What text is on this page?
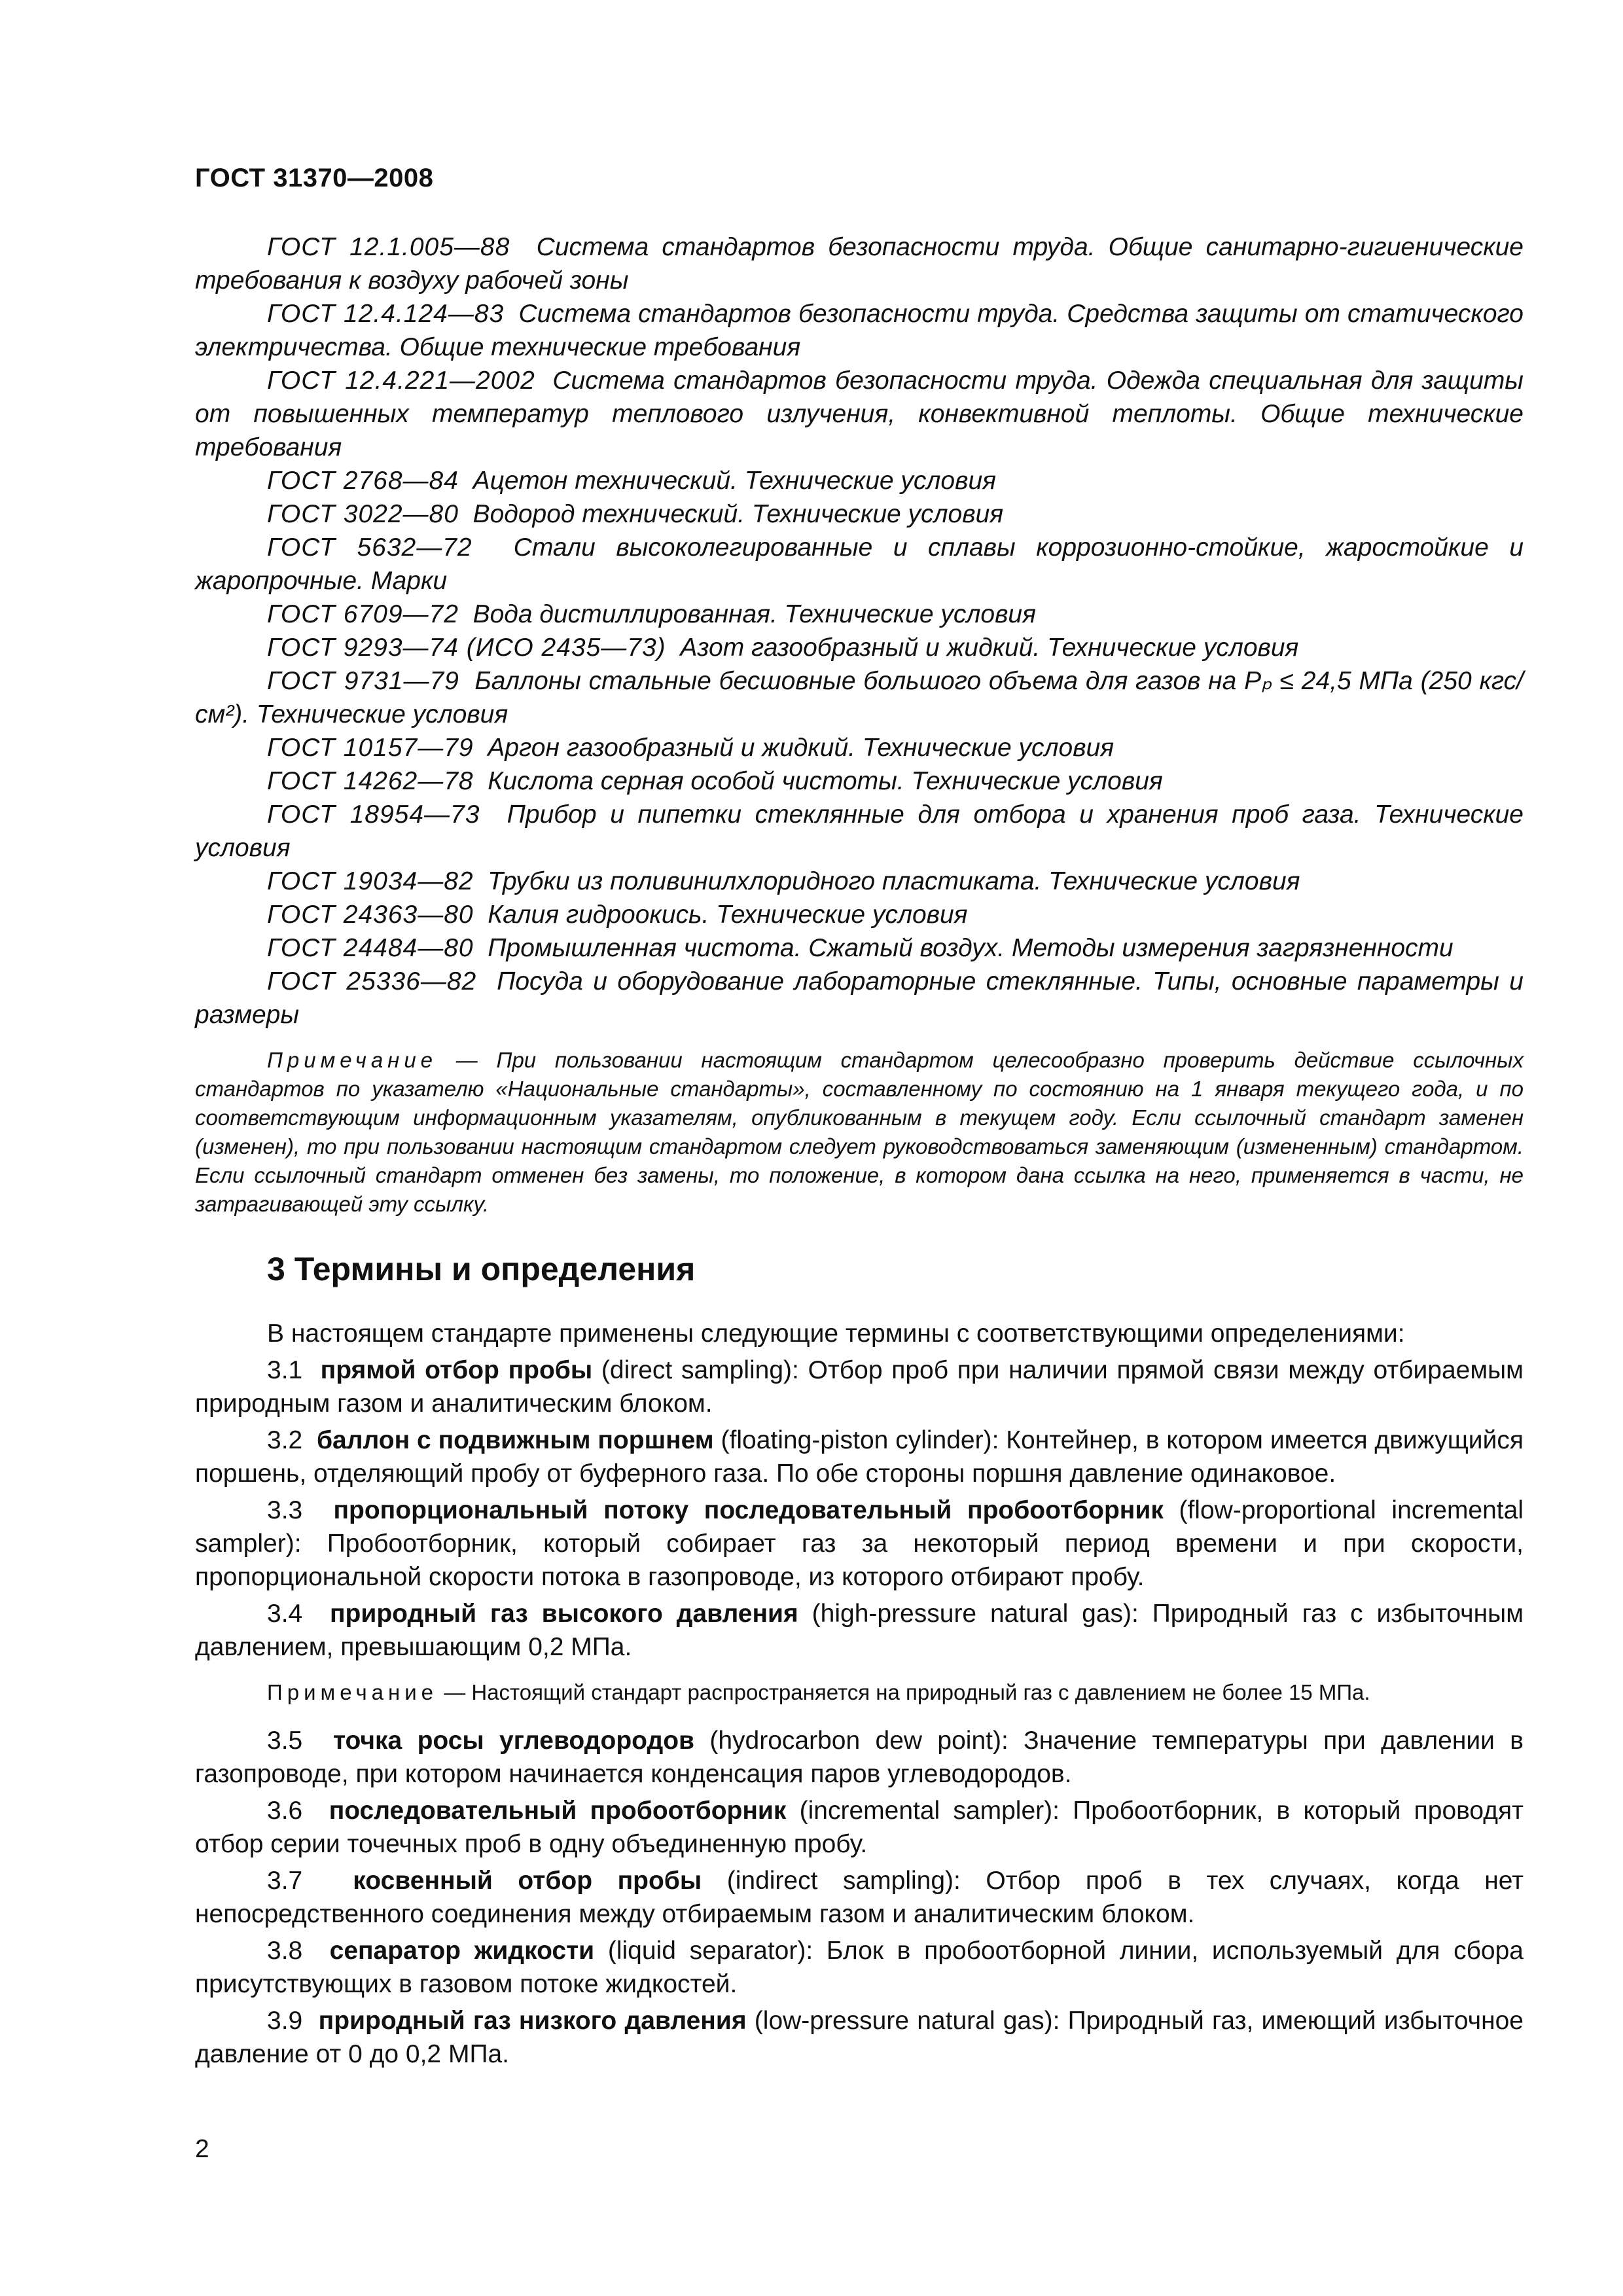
ГОСТ 31370—2008

ГОСТ 12.1.005—88 Система стандартов безопасности труда. Общие санитарно-гигиенические требования к воздуху рабочей зоны

ГОСТ 12.4.124—83 Система стандартов безопасности труда. Средства защиты от статического электричества. Общие технические требования

ГОСТ 12.4.221—2002 Система стандартов безопасности труда. Одежда специальная для защиты от повышенных температур теплового излучения, конвективной теплоты. Общие технические требования

ГОСТ 2768—84 Ацетон технический. Технические условия

ГОСТ 3022—80 Водород технический. Технические условия

ГОСТ 5632—72 Стали высоколегированные и сплавы коррозионно-стойкие, жаростойкие и жаропрочные. Марки

ГОСТ 6709—72 Вода дистиллированная. Технические условия

ГОСТ 9293—74 (ИСО 2435—73) Азот газообразный и жидкий. Технические условия

ГОСТ 9731—79 Баллоны стальные бесшовные большого объема для газов на Pₚ ≤ 24,5 МПа (250 кгс/см²). Технические условия

ГОСТ 10157—79 Аргон газообразный и жидкий. Технические условия

ГОСТ 14262—78 Кислота серная особой чистоты. Технические условия

ГОСТ 18954—73 Прибор и пипетки стеклянные для отбора и хранения проб газа. Технические условия

ГОСТ 19034—82 Трубки из поливинилхлоридного пластиката. Технические условия

ГОСТ 24363—80 Калия гидроокись. Технические условия

ГОСТ 24484—80 Промышленная чистота. Сжатый воздух. Методы измерения загрязненности

ГОСТ 25336—82 Посуда и оборудование лабораторные стеклянные. Типы, основные параметры и размеры

Примечание — При пользовании настоящим стандартом целесообразно проверить действие ссылочных стандартов по указателю «Национальные стандарты», составленному по состоянию на 1 января текущего года, и по соответствующим информационным указателям, опубликованным в текущем году. Если ссылочный стандарт заменен (изменен), то при пользовании настоящим стандартом следует руководствоваться заменяющим (измененным) стандартом. Если ссылочный стандарт отменен без замены, то положение, в котором дана ссылка на него, применяется в части, не затрагивающей эту ссылку.

3 Термины и определения

В настоящем стандарте применены следующие термины с соответствующими определениями:

3.1 прямой отбор пробы (direct sampling): Отбор проб при наличии прямой связи между отбираемым природным газом и аналитическим блоком.

3.2 баллон с подвижным поршнем (floating-piston cylinder): Контейнер, в котором имеется движущийся поршень, отделяющий пробу от буферного газа. По обе стороны поршня давление одинаковое.

3.3 пропорциональный потоку последовательный пробоотборник (flow-proportional incremental sampler): Пробоотборник, который собирает газ за некоторый период времени и при скорости, пропорциональной скорости потока в газопроводе, из которого отбирают пробу.

3.4 природный газ высокого давления (high-pressure natural gas): Природный газ с избыточным давлением, превышающим 0,2 МПа.

Примечание — Настоящий стандарт распространяется на природный газ с давлением не более 15 МПа.

3.5 точка росы углеводородов (hydrocarbon dew point): Значение температуры при давлении в газопроводе, при котором начинается конденсация паров углеводородов.

3.6 последовательный пробоотборник (incremental sampler): Пробоотборник, в который проводят отбор серии точечных проб в одну объединенную пробу.

3.7 косвенный отбор пробы (indirect sampling): Отбор проб в тех случаях, когда нет непосредственного соединения между отбираемым газом и аналитическим блоком.

3.8 сепаратор жидкости (liquid separator): Блок в пробоотборной линии, используемый для сбора присутствующих в газовом потоке жидкостей.

3.9 природный газ низкого давления (low-pressure natural gas): Природный газ, имеющий избыточное давление от 0 до 0,2 МПа.

2
